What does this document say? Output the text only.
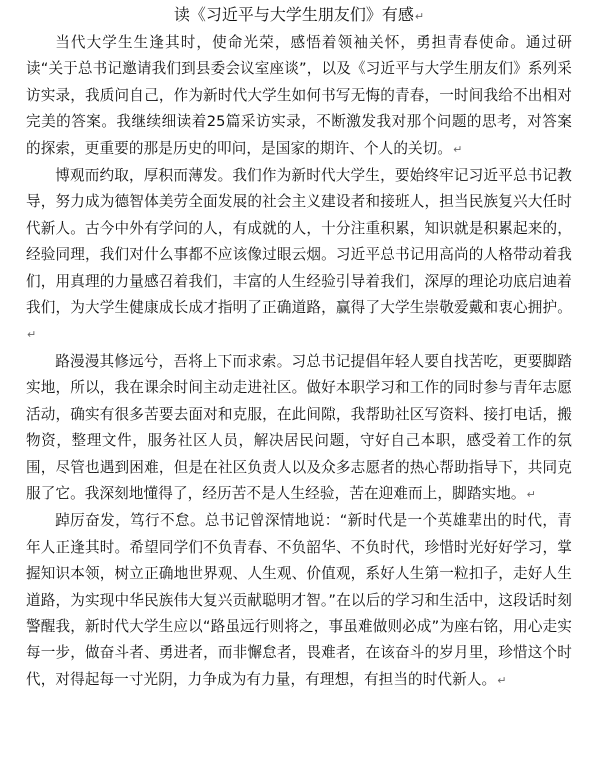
读《习近平与大学生朋友们》有感↵

当代大学生生逢其时，使命光荣，感悟着领袖关怀，勇担青春使命。通过研读“关于总书记邀请我们到县委会议室座谈”，以及《习近平与大学生朋友们》系列采访实录，我质问自己，作为新时代大学生如何书写无悔的青春，一时间我给不出相对完美的答案。我继续细读着25篇采访实录，不断激发我对那个问题的思考，对答案的探索，更重要的那是历史的叩问，是国家的期许、个人的关切。↵

博观而约取，厚积而薄发。我们作为新时代大学生，要始终牢记习近平总书记教导，努力成为德智体美劳全面发展的社会主义建设者和接班人，担当民族复兴大任时代新人。古今中外有学问的人，有成就的人，十分注重积累，知识就是积累起来的，经验同理，我们对什么事都不应该像过眼云烟。习近平总书记用高尚的人格带动着我们，用真理的力量感召着我们，丰富的人生经验引导着我们，深厚的理论功底启迪着我们，为大学生健康成长成才指明了正确道路，赢得了大学生崇敬爱戴和衷心拥护。↵

路漫漫其修远兮，吾将上下而求索。习总书记提倡年轻人要自找苦吃，更要脚踏实地，所以，我在课余时间主动走进社区。做好本职学习和工作的同时参与青年志愿活动，确实有很多苦要去面对和克服，在此间隙，我帮助社区写资料、接打电话，搬物资，整理文件，服务社区人员，解决居民问题，守好自己本职，感受着工作的氛围，尽管也遇到困难，但是在社区负责人以及众多志愿者的热心帮助指导下，共同克服了它。我深刻地懂得了，经历苦不是人生经验，苦在迎难而上，脚踏实地。↵

踔厉奋发，笃行不怠。总书记曾深情地说：“新时代是一个英雄辈出的时代，青年人正逢其时。希望同学们不负青春、不负韶华、不负时代，珍惜时光好好学习，掌握知识本领，树立正确地世界观、人生观、价值观，系好人生第一粒扣子，走好人生道路，为实现中华民族伟大复兴贡献聪明才智。”在以后的学习和生活中，这段话时刻警醒我，新时代大学生应以“路虽远行则将之，事虽难做则必成”为座右铭，用心走实每一步，做奋斗者、勇进者，而非懈怠者，畏难者，在该奋斗的岁月里，珍惜这个时代，对得起每一寸光阴，力争成为有力量，有理想，有担当的时代新人。↵
